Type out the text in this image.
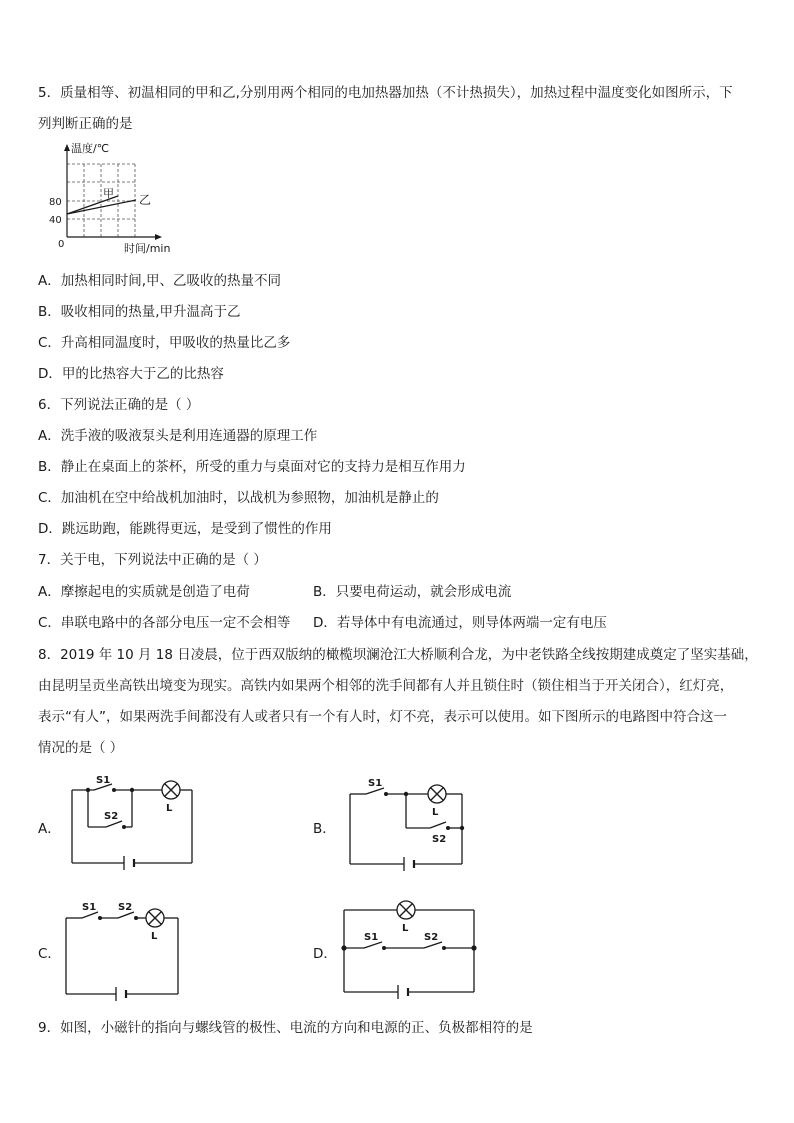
5．质量相等、初温相同的甲和乙,分别用两个相同的电加热器加热（不计热损失），加热过程中温度变化如图所示，下
列判断正确的是
温度/℃
时间/min
0
80
40
甲 乙
A．加热相同时间,甲、乙吸收的热量不同
B．吸收相同的热量,甲升温高于乙
C．升高相同温度时，甲吸收的热量比乙多
D．甲的比热容大于乙的比热容
6．下列说法正确的是（ ）
A．洗手液的吸液泵头是利用连通器的原理工作
B．静止在桌面上的茶杯，所受的重力与桌面对它的支持力是相互作用力
C．加油机在空中给战机加油时，以战机为参照物，加油机是静止的
D．跳远助跑，能跳得更远，是受到了惯性的作用
7．关于电，下列说法中正确的是（ ）
A．摩擦起电的实质就是创造了电荷	B．只要电荷运动，就会形成电流
C．串联电路中的各部分电压一定不会相等 D．若导体中有电流通过，则导体两端一定有电压
8．2019 年 10 月 18 日凌晨，位于西双版纳的橄榄坝澜沧江大桥顺利合龙，为中老铁路全线按期建成奠定了坚实基础，
由昆明呈贡坐高铁出境变为现实。高铁内如果两个相邻的洗手间都有人并且锁住时（锁住相当于开关闭合），红灯亮，
表示“有人”，如果两洗手间都没有人或者只有一个有人时，灯不亮，表示可以使用。如下图所示的电路图中符合这一
情况的是（ ）
A．
S1
S2
L
B．
S1
S2
L
C．
S1 S2
L
D．
S1	S2
L
9．如图，小磁针的指向与螺线管的极性、电流的方向和电源的正、负极都相符的是
